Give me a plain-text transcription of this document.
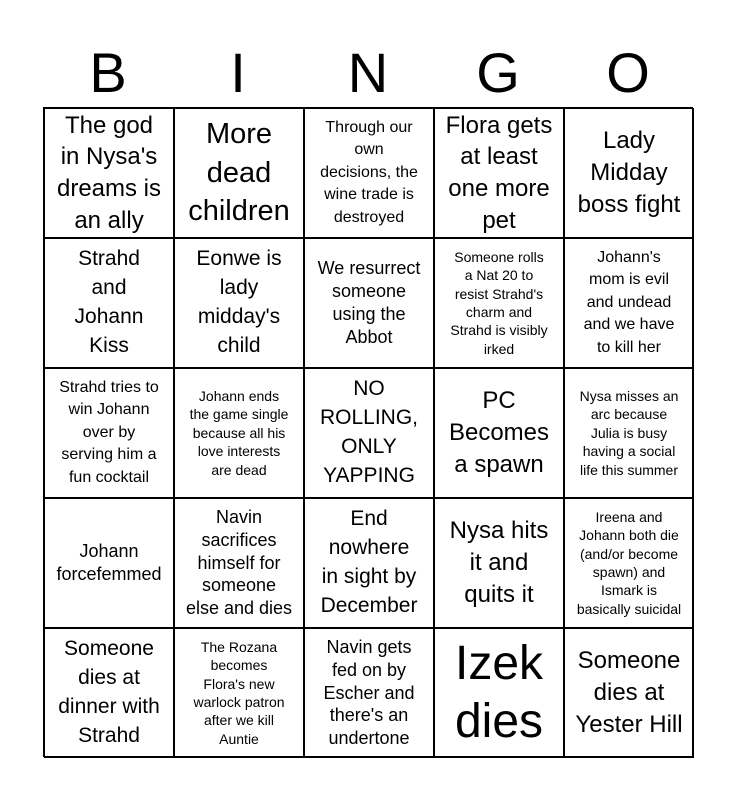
B	I	N	G	O
The god
in Nysa's
dreams is
an ally
More
dead
children
Through our
own
decisions, the
wine trade is
destroyed
Flora gets
at least
one more
pet
Lady
Midday
boss fight
Strahd
and
Johann
Kiss
Eonwe is
lady
midday's
child
We resurrect
someone
using the
Abbot
Someone rolls
a Nat 20 to
resist Strahd's
charm and
Strahd is visibly
irked
Johann's
mom is evil
and undead
and we have
to kill her
Strahd tries to
win Johann
over by
serving him a
fun cocktail
Johann ends
the game single
because all his
love interests
are dead
NO
ROLLING,
ONLY
YAPPING
PC
Becomes
a spawn
Nysa misses an
arc because
Julia is busy
having a social
life this summer
Johann
forcefemmed
Navin
sacrifices
himself for
someone
else and dies
End
nowhere
in sight by
December
Nysa hits
it and
quits it
Ireena and
Johann both die
(and/or become
spawn) and
Ismark is
basically suicidal
Someone
dies at
dinner with
Strahd
The Rozana
becomes
Flora's new
warlock patron
after we kill
Auntie
Navin gets
fed on by
Escher and
there's an
undertone
Izek
dies
Someone
dies at
Yester Hill
